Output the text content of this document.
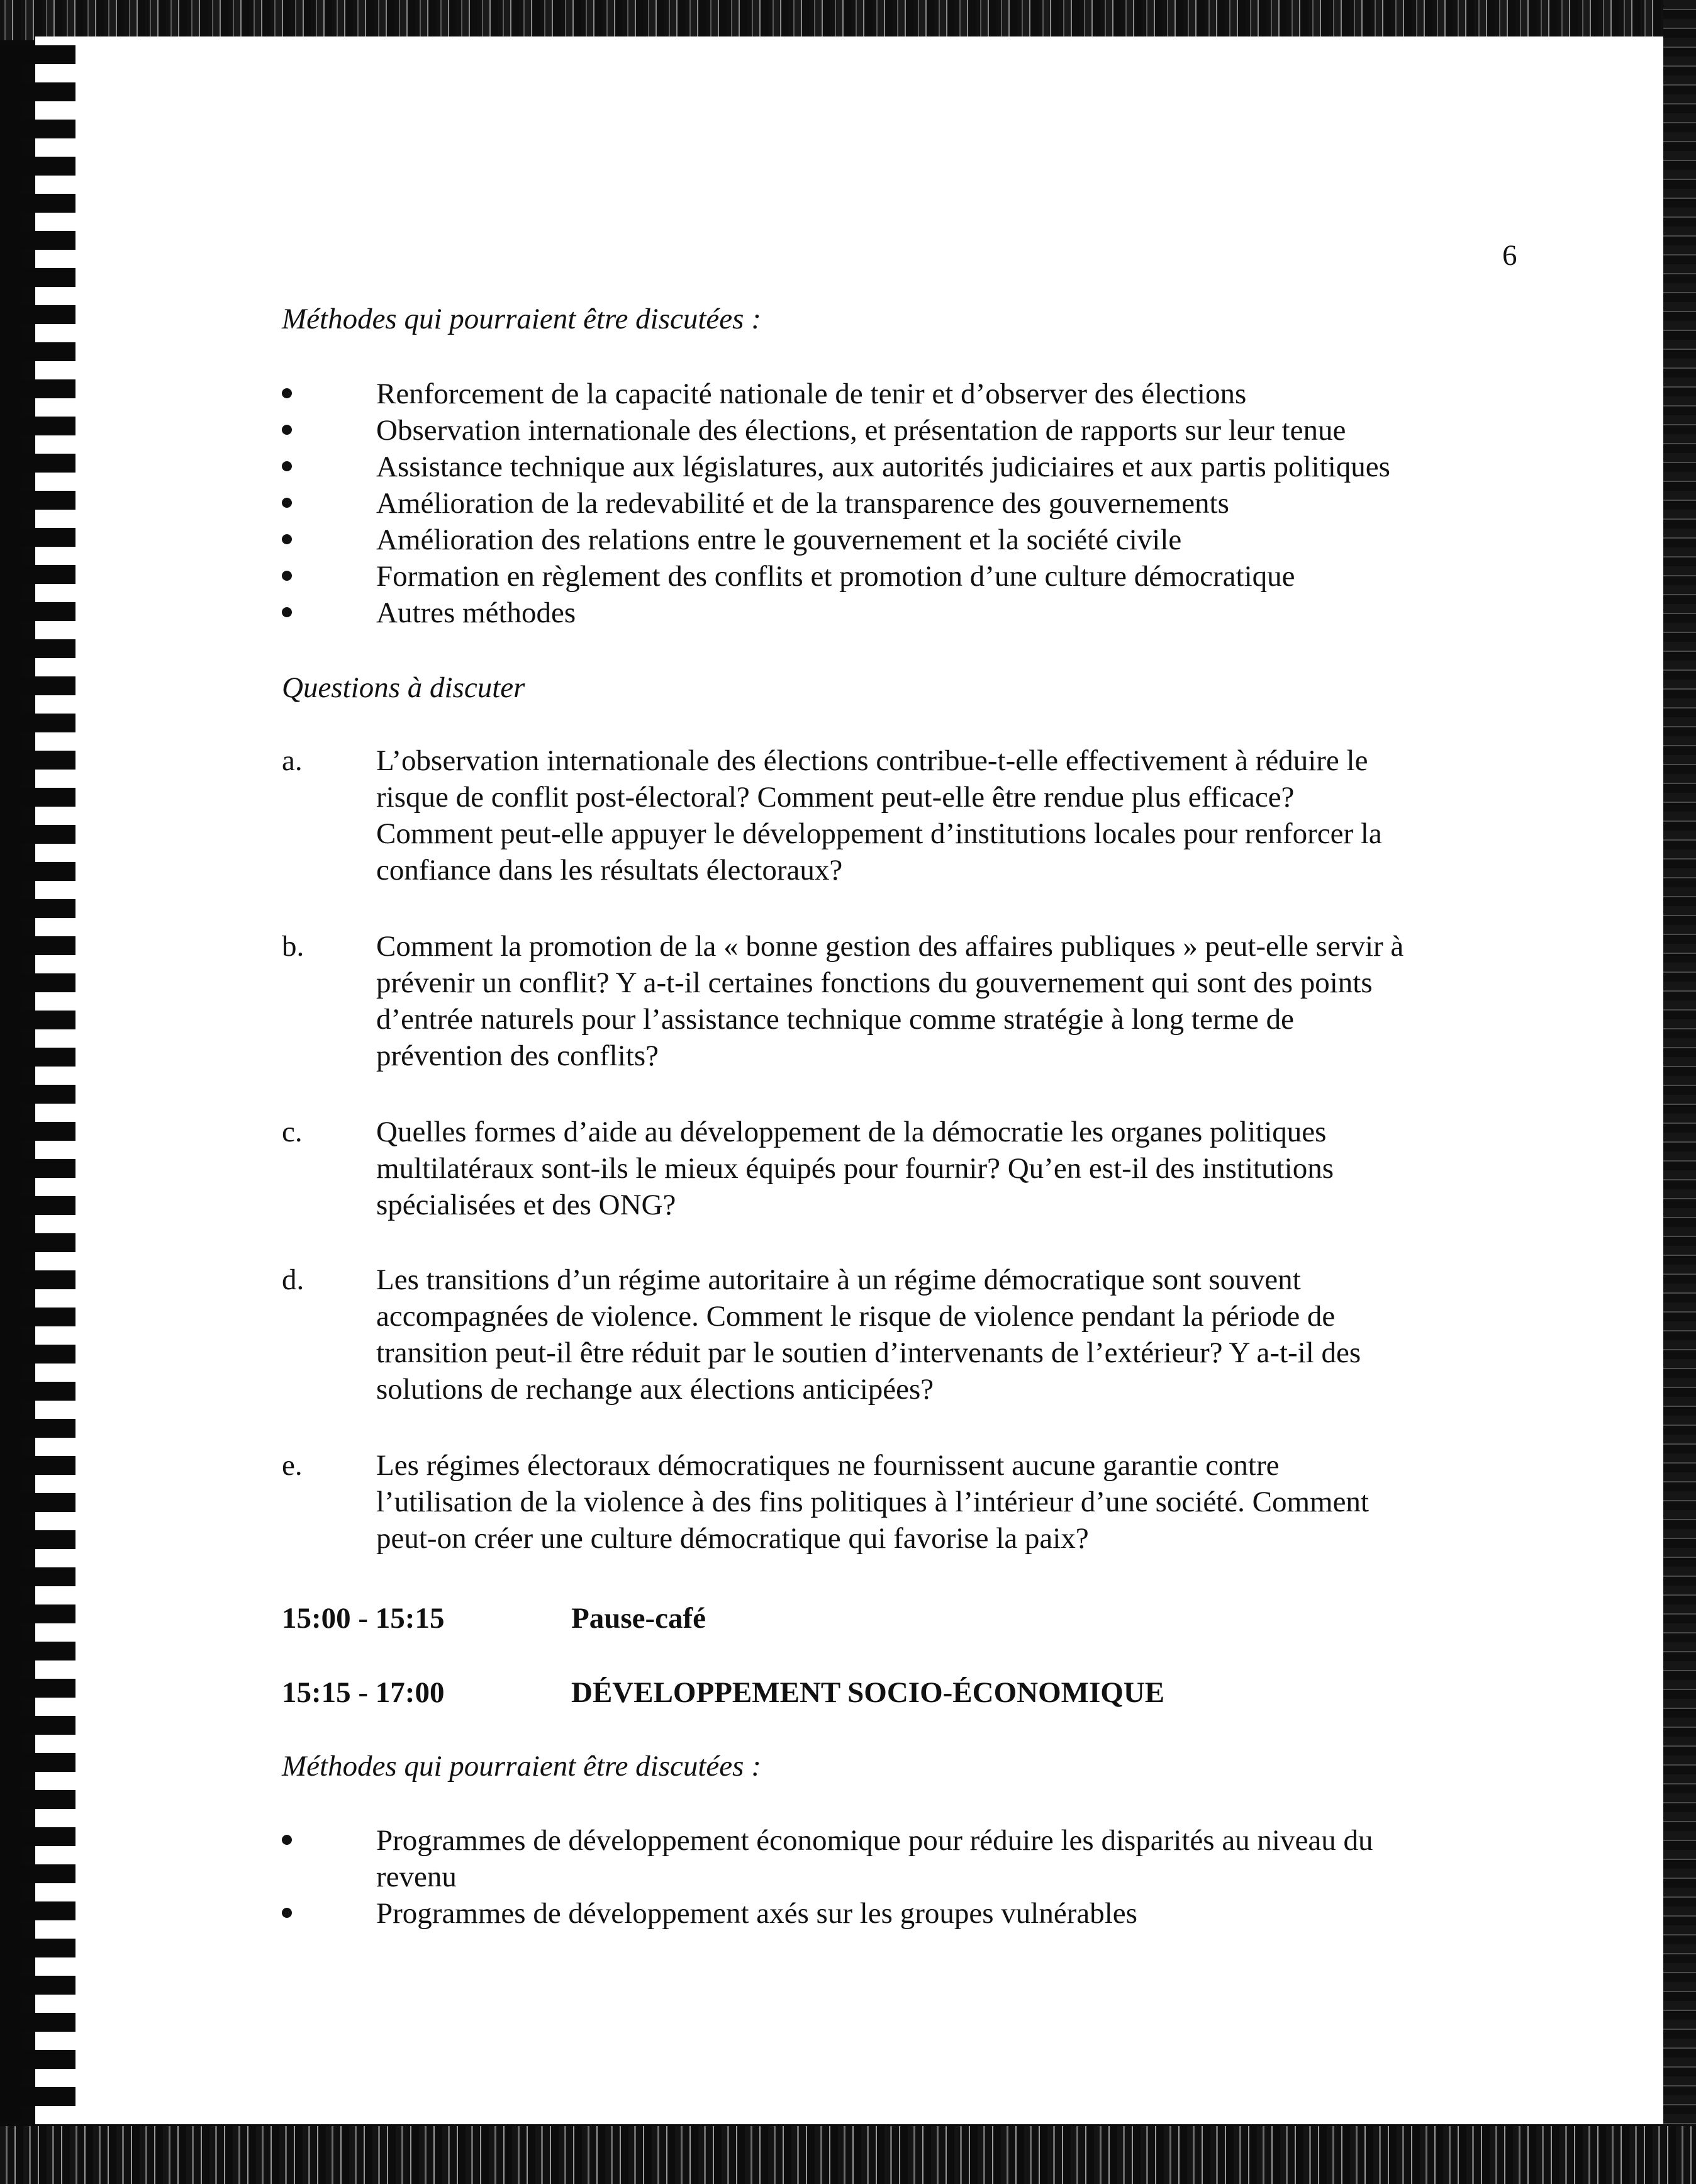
6
Méthodes qui pourraient être discutées :
Renforcement de la capacité nationale de tenir et d’observer des élections
Observation internationale des élections, et présentation de rapports sur leur tenue
Assistance technique aux législatures, aux autorités judiciaires et aux partis politiques
Amélioration de la redevabilité et de la transparence des gouvernements
Amélioration des relations entre le gouvernement et la société civile
Formation en règlement des conflits et promotion d’une culture démocratique
Autres méthodes
Questions à discuter
a. L’observation internationale des élections contribue-t-elle effectivement à réduire le
risque de conflit post-électoral? Comment peut-elle être rendue plus efficace?
Comment peut-elle appuyer le développement d’institutions locales pour renforcer la
confiance dans les résultats électoraux?
b. Comment la promotion de la « bonne gestion des affaires publiques » peut-elle servir à
prévenir un conflit? Y a-t-il certaines fonctions du gouvernement qui sont des points
d’entrée naturels pour l’assistance technique comme stratégie à long terme de
prévention des conflits?
c. Quelles formes d’aide au développement de la démocratie les organes politiques
multilatéraux sont-ils le mieux équipés pour fournir? Qu’en est-il des institutions
spécialisées et des ONG?
d. Les transitions d’un régime autoritaire à un régime démocratique sont souvent
accompagnées de violence. Comment le risque de violence pendant la période de
transition peut-il être réduit par le soutien d’intervenants de l’extérieur? Y a-t-il des
solutions de rechange aux élections anticipées?
e. Les régimes électoraux démocratiques ne fournissent aucune garantie contre
l’utilisation de la violence à des fins politiques à l’intérieur d’une société. Comment
peut-on créer une culture démocratique qui favorise la paix?
15:00 - 15:15	Pause-café
15:15 - 17:00	DÉVELOPPEMENT SOCIO-ÉCONOMIQUE
Méthodes qui pourraient être discutées :
Programmes de développement économique pour réduire les disparités au niveau du
revenu
Programmes de développement axés sur les groupes vulnérables
